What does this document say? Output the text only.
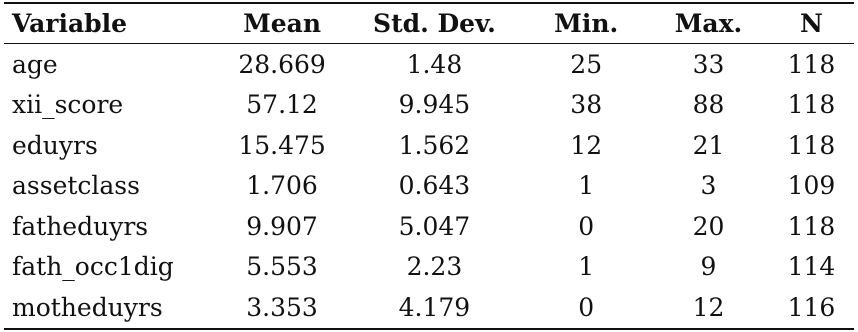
Variable	Mean	Std. Dev.	Min.	Max.	N
age	28.669	1.48	25	33	118
xii_score	57.12	9.945	38	88	118
eduyrs	15.475	1.562	12	21	118
assetclass	1.706	0.643	1	3	109
fatheduyrs	9.907	5.047	0	20	118
fath_occ1dig	5.553	2.23	1	9	114
motheduyrs	3.353	4.179	0	12	116
